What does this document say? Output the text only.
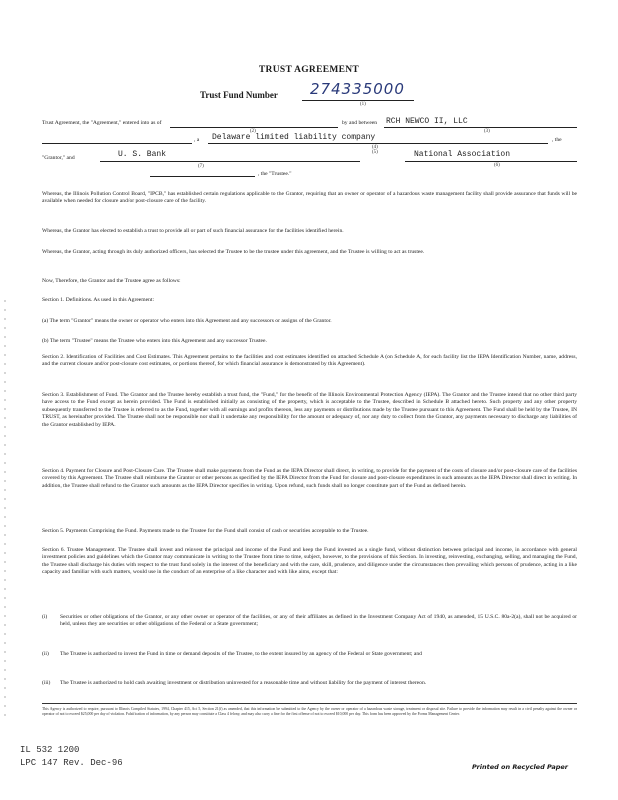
TRUST AGREEMENT
Trust Fund Number 274335000
(1)
Trust Agreement, the "Agreement," entered into as of
(2)
by and between RCH NEWCO II, LLC
(3)
, a Delaware limited liability company
(4)
, the
"Grantor," and	U. S. Bank	(5)	National Association
(6)
(7)
, the "Trustee."
Whereas, the Illinois Pollution Control Board, "IPCB," has established certain regulations applicable to the Grantor, requiring that an owner or operator of a hazardous waste management facility shall provide assurance that funds will be available when needed for closure and/or post-closure care of the facility.
Whereas, the Grantor has elected to establish a trust to provide all or part of such financial assurance for the facilities identified herein.
Whereas, the Grantor, acting through its duly authorized officers, has selected the Trustee to be the trustee under this agreement, and the Trustee is willing to act as trustee.
Now, Therefore, the Grantor and the Trustee agree as follows:
Section 1. Definitions. As used in this Agreement:
(a) The term "Grantor" means the owner or operator who enters into this Agreement and any successors or assigns of the Grantor.
(b) The term "Trustee" means the Trustee who enters into this Agreement and any successor Trustee.
Section 2. Identification of Facilities and Cost Estimates. This Agreement pertains to the facilities and cost estimates identified on attached Schedule A (on Schedule A, for each facility list the IEPA Identification Number, name, address, and the current closure and/or post-closure cost estimates, or portions thereof, for which financial assurance is demonstrated by this Agreement).
Section 3. Establishment of Fund. The Grantor and the Trustee hereby establish a trust fund, the "Fund," for the benefit of the Illinois Environmental Protection Agency (IEPA). The Grantor and the Trustee intend that no other third party have access to the Fund except as herein provided. The Fund is established initially as consisting of the property, which is acceptable to the Trustee, described in Schedule B attached hereto. Such property and any other property subsequently transferred to the Trustee is referred to as the Fund, together with all earnings and profits thereon, less any payments or distributions made by the Trustee pursuant to this Agreement. The Fund shall be held by the Trustee, IN TRUST, as hereinafter provided. The Trustee shall not be responsible nor shall it undertake any responsibility for the amount or adequacy of, nor any duty to collect from the Grantor, any payments necessary to discharge any liabilities of the Grantor established by IEPA.
Section 4. Payment for Closure and Post-Closure Care. The Trustee shall make payments from the Fund as the IEPA Director shall direct, in writing, to provide for the payment of the costs of closure and/or post-closure care of the facilities covered by this Agreement. The Trustee shall reimburse the Grantor or other persons as specified by the IEPA Director from the Fund for closure and post-closure expenditures in such amounts as the IEPA Director shall direct in writing. In addition, the Trustee shall refund to the Grantor such amounts as the IEPA Director specifies in writing. Upon refund, such funds shall no longer constitute part of the Fund as defined herein.
Section 5. Payments Comprising the Fund. Payments made to the Trustee for the Fund shall consist of cash or securities acceptable to the Trustee.
Section 6. Trustee Management. The Trustee shall invest and reinvest the principal and income of the Fund and keep the Fund invested as a single fund, without distinction between principal and income, in accordance with general investment policies and guidelines which the Grantor may communicate in writing to the Trustee from time to time, subject, however, to the provisions of this Section. In investing, reinvesting, exchanging, selling, and managing the Fund, the Trustee shall discharge his duties with respect to the trust fund solely in the interest of the beneficiary and with the care, skill, prudence, and diligence under the circumstances then prevailing which persons of prudence, acting in a like capacity and familiar with such matters, would use in the conduct of an enterprise of a like character and with like aims, except that:
(i) Securities or other obligations of the Grantor, or any other owner or operator of the facilities, or any of their affiliates as defined in the Investment Company Act of 1940, as amended, 15 U.S.C. 80a-2(a), shall not be acquired or held, unless they are securities or other obligations of the Federal or a State government;
(ii) The Trustee is authorized to invest the Fund in time or demand deposits of the Trustee, to the extent insured by an agency of the Federal or State government; and
(iii) The Trustee is authorized to hold cash awaiting investment or distribution uninvested for a reasonable time and without liability for the payment of interest thereon.
This Agency is authorized to require, pursuant to Illinois Compiled Statutes, 1994, Chapter 415, Act 5, Section 21(f) as amended, that this information be submitted to the Agency by the owner or operator of a hazardous waste storage, treatment or disposal site. Failure to provide the information may result in a civil penalty against the owner or operator of not to exceed $25,000 per day of violation. Falsification of information, by any person may constitute a Class 4 felony, and may also carry a fine for the first offense of not to exceed $10,000 per day. This form has been approved by the Forms Management Center.
IL 532 1200
LPC 147 Rev. Dec-96	Printed on Recycled Paper
